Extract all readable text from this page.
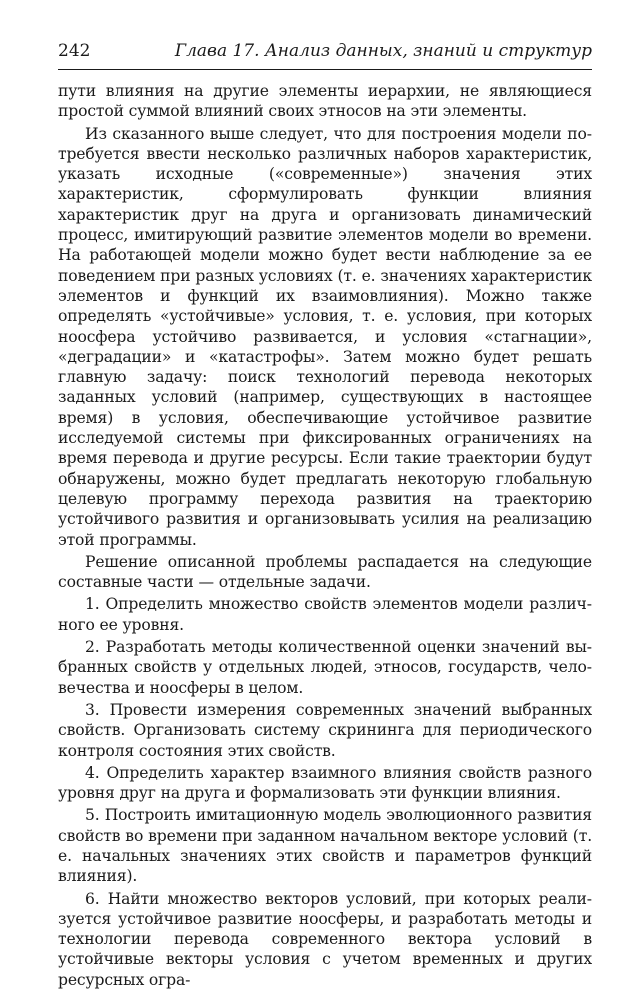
242	Глава 17. Анализ данных, знаний и структур

пути влияния на другие элементы иерархии, не являющиеся простой суммой влияний своих этносов на эти элементы.

Из сказанного выше следует, что для построения модели потребуется ввести несколько различных наборов характеристик, указать исходные («современные») значения этих характеристик, сформулировать функции влияния характеристик друг на друга и организовать динамический процесс, имитирующий развитие элементов модели во времени. На работающей модели можно будет вести наблюдение за ее поведением при разных условиях (т. е. значениях характеристик элементов и функций их взаимовлияния). Можно также определять «устойчивые» условия, т. е. условия, при которых ноосфера устойчиво развивается, и условия «стагнации», «деградации» и «катастрофы». Затем можно будет решать главную задачу: поиск технологий перевода некоторых заданных условий (например, существующих в настоящее время) в условия, обеспечивающие устойчивое развитие исследуемой системы при фиксированных ограничениях на время перевода и другие ресурсы. Если такие траектории будут обнаружены, можно будет предлагать некоторую глобальную целевую программу перехода развития на траекторию устойчивого развития и организовывать усилия на реализацию этой программы.

Решение описанной проблемы распадается на следующие составные части — отдельные задачи.

1. Определить множество свойств элементов модели различного ее уровня.

2. Разработать методы количественной оценки значений выбранных свойств у отдельных людей, этносов, государств, человечества и ноосферы в целом.

3. Провести измерения современных значений выбранных свойств. Организовать систему скрининга для периодического контроля состояния этих свойств.

4. Определить характер взаимного влияния свойств разного уровня друг на друга и формализовать эти функции влияния.

5. Построить имитационную модель эволюционного развития свойств во времени при заданном начальном векторе условий (т. е. начальных значениях этих свойств и параметров функций влияния).

6. Найти множество векторов условий, при которых реализуется устойчивое развитие ноосферы, и разработать методы и технологии перевода современного вектора условий в устойчивые векторы условия с учетом временных и других ресурсных огра-
